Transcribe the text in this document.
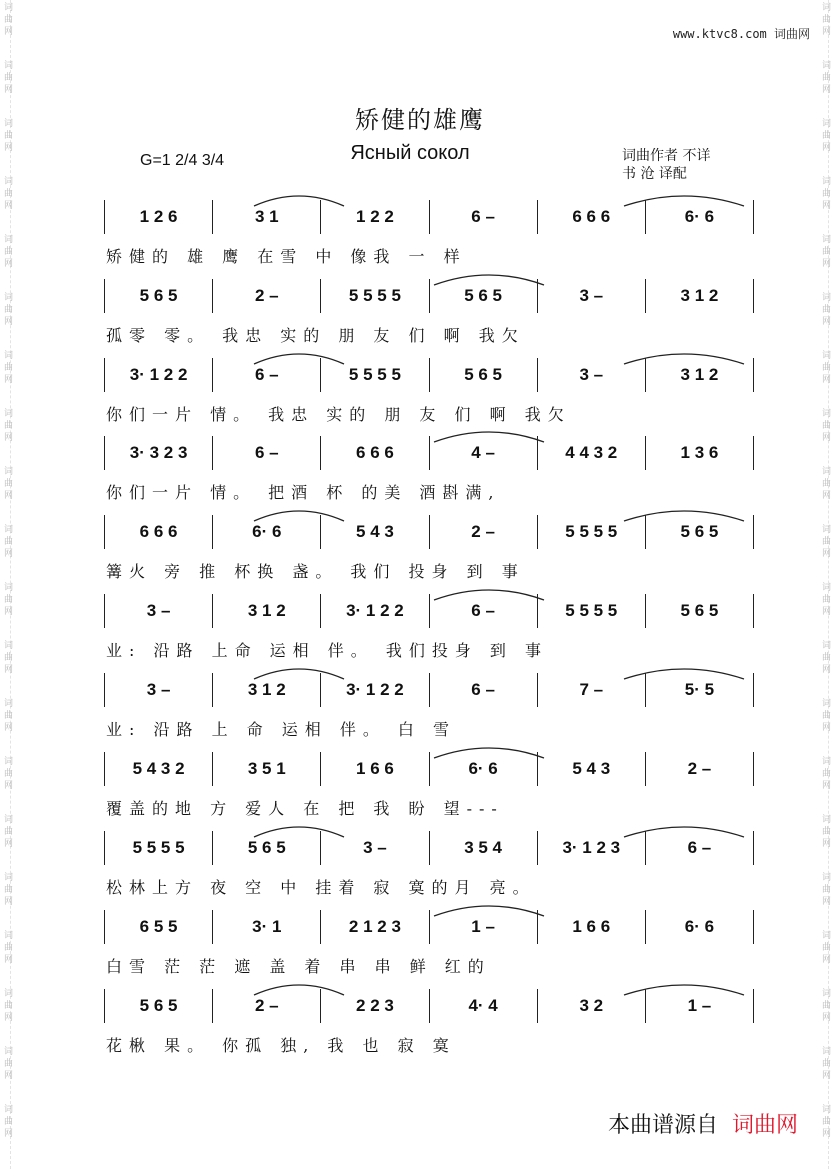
词
曲
网
词
曲
网
词
曲
网
词
曲
网
词
曲
网
词
曲
网
词
曲
网
词
曲
网
词
曲
网
词
曲
网
词
曲
网
词
曲
网
词
曲
网
词
曲
网
词
曲
网
词
曲
网
词
曲
网
词
曲
网
词
曲
网
词
曲
网
词
曲
网
词
曲
网
词
曲
网
词
曲
网
词
曲
网
词
曲
网
词
曲
网
词
曲
网
词
曲
网
词
曲
网
词
曲
网
词
曲
网
词
曲
网
词
曲
网
词
曲
网
词
曲
网
词
曲
网
词
曲
网
词
曲
网
词
曲
网
www.ktvc8.com 词曲网
矫健的雄鹰
Ясный сокол
G=1 2/4 3/4	词曲作者 不详
书 沧 译配
1 2 6	3 1	1 2 2	6 –	6 6 6	6· 6
矫健的 雄 鹰 在雪 中 像我 一 样
5 6 5	2 –	5 5 5 5	5 6 5	3 –	3 1 2
孤零 零。 我忠 实的 朋 友 们 啊 我欠
3· 1 2 2	6 –	5 5 5 5	5 6 5	3 –	3 1 2
你们一片 情。 我忠 实的 朋 友 们 啊 我欠
3· 3 2 3	6 –	6 6 6	4 –	4 4 3 2	1 3 6
你们一片 情。 把酒 杯 的美 酒斟满,
6 6 6	6· 6	5 4 3	2 –	5 5 5 5	5 6 5
篝火 旁 推 杯换 盏。 我们 投身 到 事
3 –	3 1 2	3· 1 2 2	6 –	5 5 5 5	5 6 5
业: 沿路 上命 运相 伴。 我们投身 到 事
3 –	3 1 2	3· 1 2 2	6 –	7 –	5· 5
业: 沿路 上 命 运相 伴。 白 雪
5 4 3 2	3 5 1	1 6 6	6· 6	5 4 3	2 –
覆盖的地 方 爱人 在 把 我 盼 望---
5 5 5 5	5 6 5	3 –	3 5 4	3· 1 2 3	6 –
松林上方 夜 空 中 挂着 寂 寞的月 亮。
6 5 5	3· 1	2 1 2 3	1 –	1 6 6	6· 6
白雪 茫 茫 遮 盖 着 串 串 鲜 红的
5 6 5	2 –	2 2 3	4· 4	3 2	1 –
花楸 果。 你孤 独, 我 也 寂 寞
本曲谱源自 词曲网
